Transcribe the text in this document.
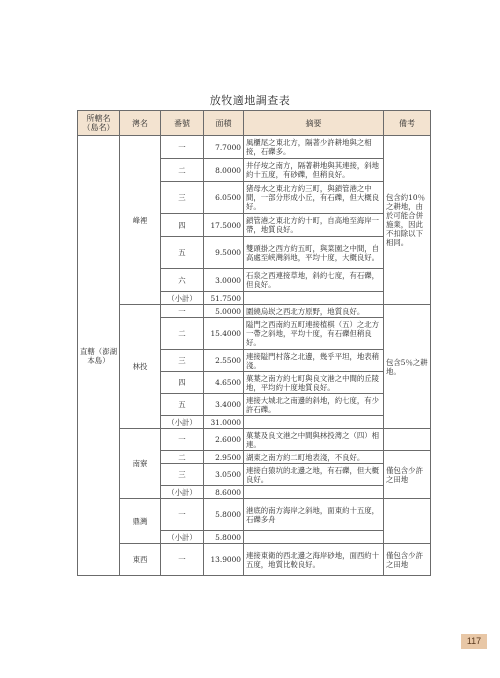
放牧適地調查表
所轄名（島名）	澚名	番號	面積	摘要	備考
直轄（澎湖本島）	峰裡	一	7.7000	風櫃尾之東北方，隔著少許耕地與之相接，石礫多。	包含約10％之耕地，由於可能合併施業，因此不扣除以下相同。
		二	8.0000	井仔垵之南方，隔著耕地與其連接，斜地約十五度，有砂礫，但稍良好。	
		三	6.0500	猪母水之東北方約三町，與鎖管港之中間，一部分形成小丘，有石礫，但大概良好。	
		四	17.5000	鎖管港之東北方約十町，自高地至海岸一帶，地質良好。	
		五	9.5000	雙頭掛之西方約五町，與菜園之中間，自高處至峽灣斜地，平均十度，大概良好。	
		六	3.0000	石泉之西連接草地，斜約七度，有石礫，但良好。	
		（小計）	51.7500		
	林投	一	5.0000	圍繞烏崁之西北方原野，地質良好。	包含5％之耕地。
		二	15.4000	隘門之西南約五町連接植棋（五）之北方一帶之斜地，平均十度，有石礫但稍良好。	
		三	2.5500	連接隘門村落之北邊，幾乎平坦，地表稍淺。	
		四	4.6500	菓葉之南方約七町與良文港之中間的丘陵地，平均約十度地質良好。	
		五	3.4000	連接大城北之南邊的斜地，約七度，有少許石礫。	
		（小計）	31.0000		
	南寮	一	2.6000	菓葉及良文港之中間與林投澚之（四）相連。	
		二	2.9500	湖東之南方約二町地表淺，不良好。	僅包含少許之田地
		三	3.0500	連接白猿坑的北邊之地，有石礫，但大概良好。	
		（小計）	8.6000		
	鼎灣	一	5.8000	港底的南方海岸之斜地，面東約十五度，石礫多舟	
		（小計）	5.8000		
	東西	一	13.9000	連接東衛的西北邊之海岸砂地，面西約十五度，地質比較良好。	僅包含少許之田地
117
